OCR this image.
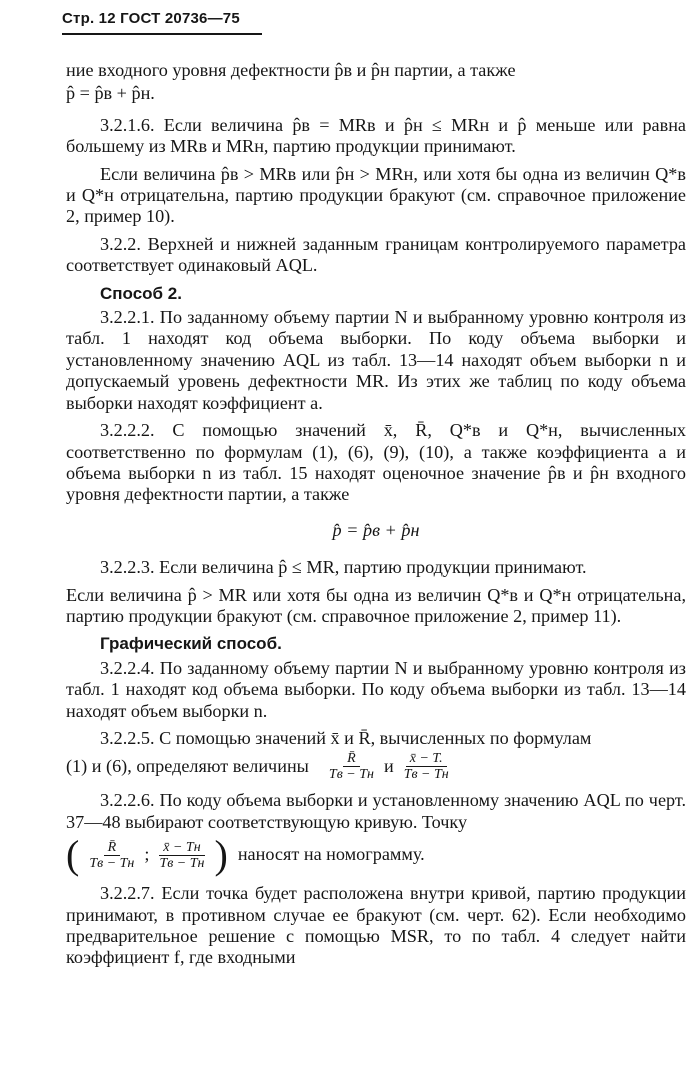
Стр. 12 ГОСТ 20736—75

ние входного уровня дефектности p̂в и p̂н партии, а также

p̂ = p̂в + p̂н.

3.2.1.6. Если величина p̂в = MRв и p̂н ≤ MRн и p̂ меньше или равна большему из MRв и MRн, партию продукции принимают.

Если величина p̂в > MRв или p̂н > MRн, или хотя бы одна из величин Q*в и Q*н отрицательна, партию продукции бракуют (см. справочное приложение 2, пример 10).

3.2.2. Верхней и нижней заданным границам контролируемого параметра соответствует одинаковый AQL.

Способ 2.

3.2.2.1. По заданному объему партии N и выбранному уровню контроля из табл. 1 находят код объема выборки. По коду объема выборки и установленному значению AQL из табл. 13—14 находят объем выборки n и допускаемый уровень дефектности MR. Из этих же таблиц по коду объема выборки находят коэффициент a.

3.2.2.2. С помощью значений x̄, R̄, Q*в и Q*н, вычисленных соответственно по формулам (1), (6), (9), (10), а также коэффициента a и объема выборки n из табл. 15 находят оценочное значение p̂в и p̂н входного уровня дефектности партии, а также

p̂ = p̂в + p̂н

3.2.2.3. Если величина p̂ ≤ MR, партию продукции принимают.

Если величина p̂ > MR или хотя бы одна из величин Q*в и Q*н отрицательна, партию продукции бракуют (см. справочное приложение 2, пример 11).

Графический способ.

3.2.2.4. По заданному объему партии N и выбранному уровню контроля из табл. 1 находят код объема выборки. По коду объема выборки из табл. 13—14 находят объем выборки n.

3.2.2.5. С помощью значений x̄ и R̄, вычисленных по формулам

(1) и (6), определяют величины $\frac{R̄}{Tв - Tн}$ и $\frac{x̄ - T.}{Tв - Tн}$

3.2.2.6. По коду объема выборки и установленному значению AQL по черт. 37—48 выбирают соответствующую кривую. Точку

( $\frac{R̄}{Tв - Tн}$ ; $\frac{x̄ - Tн}{Tв - Tн}$ ) наносят на номограмму.

3.2.2.7. Если точка будет расположена внутри кривой, партию продукции принимают, в противном случае ее бракуют (см. черт. 62). Если необходимо предварительное решение с помощью MSR, то по табл. 4 следует найти коэффициент f, где входными
